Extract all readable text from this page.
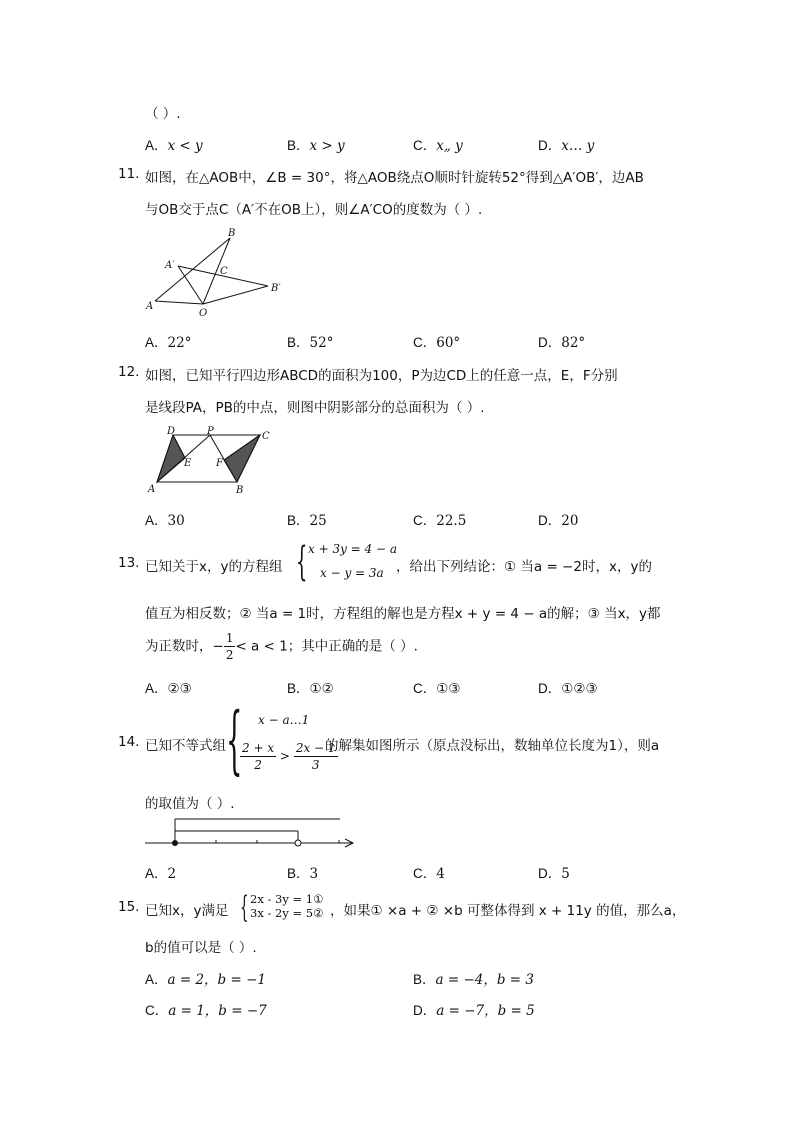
（ ）.
A．x < y	B．x > y	C．x„ y	D．x… y
11. 如图，在△AOB中，∠B = 30°，将△AOB绕点O顺时针旋转52°得到△A′OB′，边AB
与OB交于点C（A′不在OB上），则∠A′CO的度数为（ ）.
B
A′
C
B′
A
O
A．22°	B．52°	C．60°	D．82°
12. 如图，已知平行四边形ABCD的面积为100，P为边CD上的任意一点，E，F分别
是线段PA，PB的中点，则图中阴影部分的总面积为（ ）.
D	P	C
E F
A	B
A．30	B．25	C．22.5	D．20
13. 已知关于x，y的方程组 { x + 3y = 4 − a
x − y = 3a ，给出下列结论：① 当a = −2时，x，y的
值互为相反数；② 当a = 1时，方程组的解也是方程x + y = 4 − a的解；③ 当x，y都
为正数时，− $\frac{1}{2} < a < 1$；其中正确的是（ ）.
A．②③	B．①②	C．①③	D．①②③
14. 已知不等式组 { x − a…1
$\frac{2 + x}{2} > \frac{2x - 1}{3}$
的解集如图所示（原点没标出，数轴单位长度为1），则a
的取值为（ ）.
A．2	B．3	C．4	D．5
15. 已知x，y满足 { 2x - 3y = 1①
3x - 2y = 5② ，如果① ×a + ② ×b 可整体得到 x + 11y 的值，那么a，
b的值可以是（ ）.
A．a = 2，b = −1	B．a = −4，b = 3
C．a = 1，b = −7	D．a = −7，b = 5
